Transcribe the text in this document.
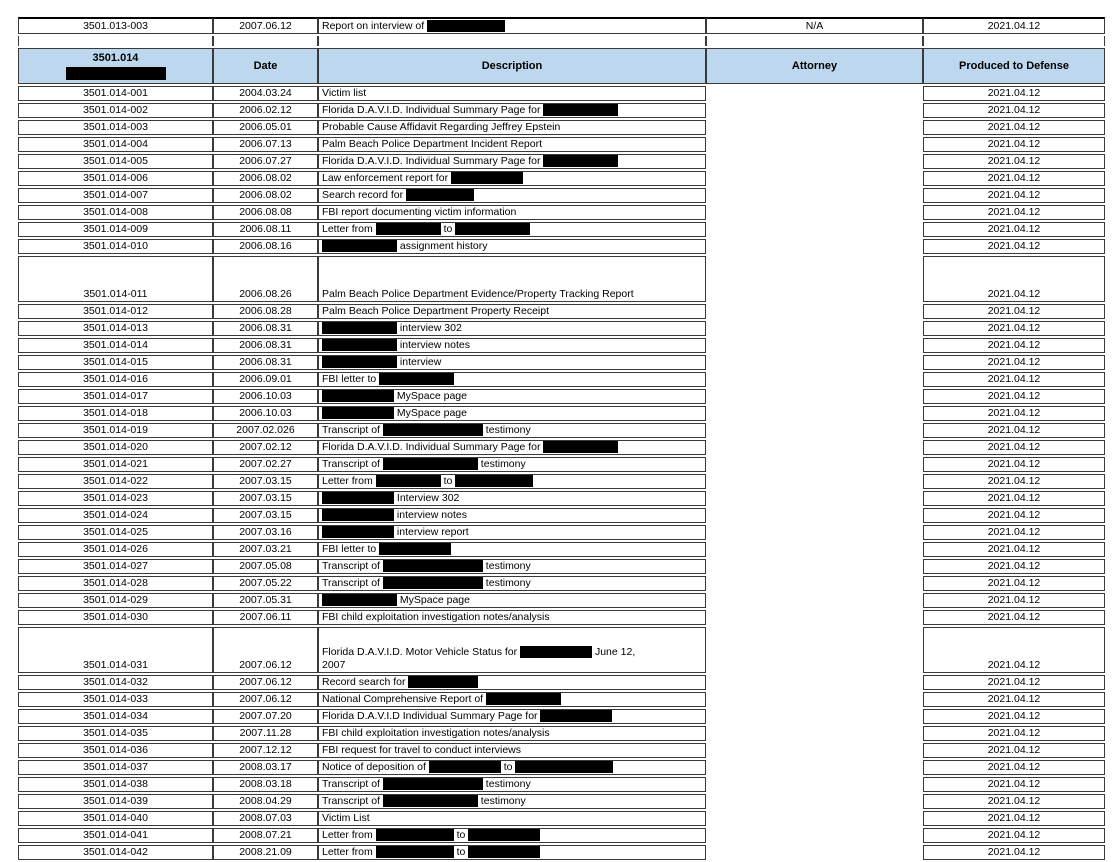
3501.013-003	2007.06.12	Report on interview of	N/A	2021.04.12

3501.014	Date	Description	Attorney	Produced to Defense
3501.014-001	2004.03.24	Victim list		2021.04.12
3501.014-002	2006.02.12	Florida D.A.V.I.D. Individual Summary Page for		2021.04.12
3501.014-003	2006.05.01	Probable Cause Affidavit Regarding Jeffrey Epstein		2021.04.12
3501.014-004	2006.07.13	Palm Beach Police Department Incident Report		2021.04.12
3501.014-005	2006.07.27	Florida D.A.V.I.D. Individual Summary Page for		2021.04.12
3501.014-006	2006.08.02	Law enforcement report for		2021.04.12
3501.014-007	2006.08.02	Search record for		2021.04.12
3501.014-008	2006.08.08	FBI report documenting victim information		2021.04.12
3501.014-009	2006.08.11	Letter from to		2021.04.12
3501.014-010	2006.08.16	assignment history		2021.04.12
3501.014-011	2006.08.26	Palm Beach Police Department Evidence/Property Tracking Report		2021.04.12
3501.014-012	2006.08.28	Palm Beach Police Department Property Receipt		2021.04.12
3501.014-013	2006.08.31	interview 302		2021.04.12
3501.014-014	2006.08.31	interview notes		2021.04.12
3501.014-015	2006.08.31	interview		2021.04.12
3501.014-016	2006.09.01	FBI letter to		2021.04.12
3501.014-017	2006.10.03	MySpace page		2021.04.12
3501.014-018	2006.10.03	MySpace page		2021.04.12
3501.014-019	2007.02.026	Transcript of testimony		2021.04.12
3501.014-020	2007.02.12	Florida D.A.V.I.D. Individual Summary Page for		2021.04.12
3501.014-021	2007.02.27	Transcript of testimony		2021.04.12
3501.014-022	2007.03.15	Letter from to		2021.04.12
3501.014-023	2007.03.15	Interview 302		2021.04.12
3501.014-024	2007.03.15	interview notes		2021.04.12
3501.014-025	2007.03.16	interview report		2021.04.12
3501.014-026	2007.03.21	FBI letter to		2021.04.12
3501.014-027	2007.05.08	Transcript of testimony		2021.04.12
3501.014-028	2007.05.22	Transcript of testimony		2021.04.12
3501.014-029	2007.05.31	MySpace page		2021.04.12
3501.014-030	2007.06.11	FBI child exploitation investigation notes/analysis		2021.04.12
3501.014-031	2007.06.12	Florida D.A.V.I.D. Motor Vehicle Status for June 12,
2007		2021.04.12
3501.014-032	2007.06.12	Record search for		2021.04.12
3501.014-033	2007.06.12	National Comprehensive Report of		2021.04.12
3501.014-034	2007.07.20	Florida D.A.V.I.D Individual Summary Page for		2021.04.12
3501.014-035	2007.11.28	FBI child exploitation investigation notes/analysis		2021.04.12
3501.014-036	2007.12.12	FBI request for travel to conduct interviews		2021.04.12
3501.014-037	2008.03.17	Notice of deposition of to		2021.04.12
3501.014-038	2008.03.18	Transcript of testimony		2021.04.12
3501.014-039	2008.04.29	Transcript of testimony		2021.04.12
3501.014-040	2008.07.03	Victim List		2021.04.12
3501.014-041	2008.07.21	Letter from to		2021.04.12
3501.014-042	2008.21.09	Letter from to		2021.04.12
